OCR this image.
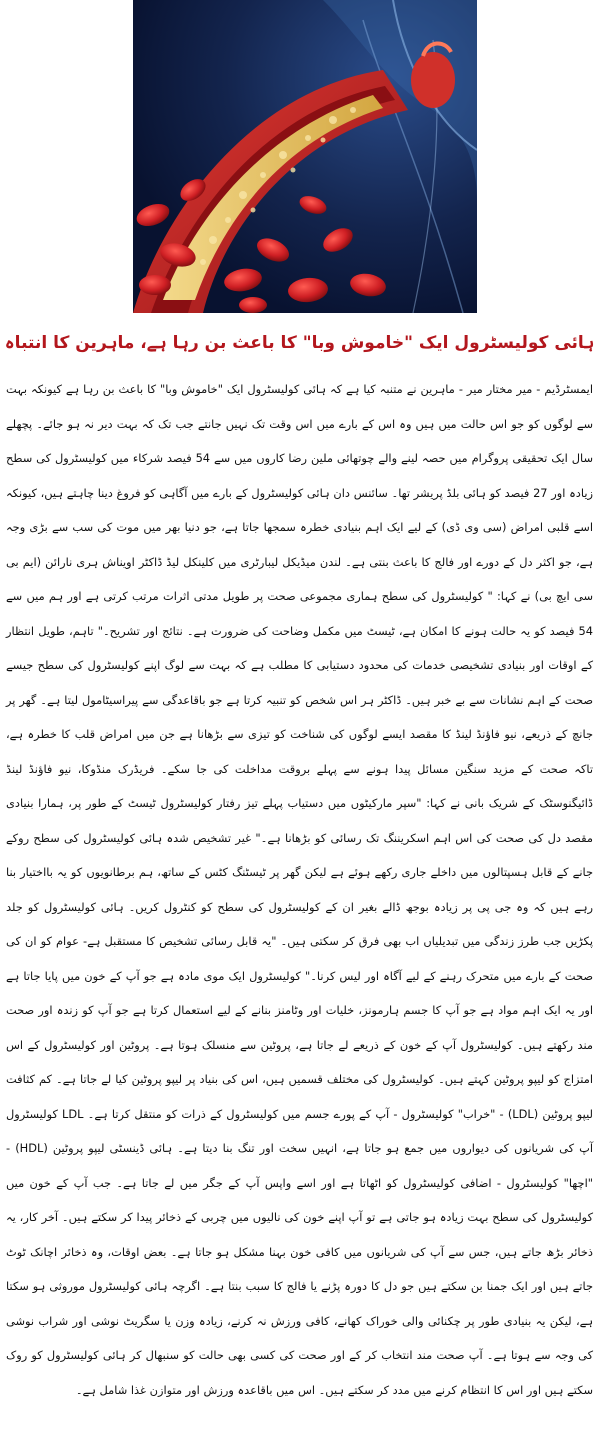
ہائی کولیسٹرول ایک "خاموش وبا" کا باعث بن رہا ہے، ماہرین کا انتباہ

ایمسٹرڈیم - میر مختار میر - ماہرین نے متنبہ کیا ہے کہ ہائی کولیسٹرول ایک "خاموش وبا" کا باعث بن رہا ہے کیونکہ بہت سے لوگوں کو جو اس حالت میں ہیں وہ اس کے بارے میں اس وقت تک نہیں جانتے جب تک کہ بہت دیر نہ ہو جائے۔ پچھلے سال ایک تحقیقی پروگرام میں حصہ لینے والے چوتھائی ملین رضا کاروں میں سے 54 فیصد شرکاء میں کولیسٹرول کی سطح زیادہ اور 27 فیصد کو ہائی بلڈ پریشر تھا۔ سائنس دان ہائی کولیسٹرول کے بارے میں آگاہی کو فروغ دینا چاہتے ہیں، کیونکہ اسے قلبی امراض (سی وی ڈی) کے لیے ایک اہم بنیادی خطرہ سمجھا جاتا ہے، جو دنیا بھر میں موت کی سب سے بڑی وجہ ہے، جو اکثر دل کے دورے اور فالج کا باعث بنتی ہے۔ لندن میڈیکل لیبارٹری میں کلینکل لیڈ ڈاکٹر اویناش ہری نارائن (ایم بی سی ایچ بی) نے کہا: " کولیسٹرول کی سطح ہماری مجموعی صحت پر طویل مدتی اثرات مرتب کرتی ہے اور ہم میں سے 54 فیصد کو یہ حالت ہونے کا امکان ہے، ٹیسٹ میں مکمل وضاحت کی ضرورت ہے۔ نتائج اور تشریح۔" تاہم، طویل انتظار کے اوقات اور بنیادی تشخیصی خدمات کی محدود دستیابی کا مطلب ہے کہ بہت سے لوگ اپنے کولیسٹرول کی سطح جیسے صحت کے اہم نشانات سے بے خبر ہیں۔ ڈاکٹر ہر اس شخص کو تنبیہ کرتا ہے جو باقاعدگی سے پیراسیٹامول لیتا ہے۔ گھر پر جانچ کے ذریعے، نیو فاؤنڈ لینڈ کا مقصد ایسے لوگوں کی شناخت کو تیزی سے بڑھانا ہے جن میں امراض قلب کا خطرہ ہے، تاکہ صحت کے مزید سنگین مسائل پیدا ہونے سے پہلے بروقت مداخلت کی جا سکے۔ فریڈرک منڈوکا، نیو فاؤنڈ لینڈ ڈائیگنوسٹک کے شریک بانی نے کہا: "سپر مارکیٹوں میں دستیاب پہلے تیز رفتار کولیسٹرول ٹیسٹ کے طور پر، ہمارا بنیادی مقصد دل کی صحت کی اس اہم اسکریننگ تک رسائی کو بڑھانا ہے۔" غیر تشخیص شدہ ہائی کولیسٹرول کی سطح روکے جانے کے قابل ہسپتالوں میں داخلے جاری رکھے ہوئے ہے لیکن گھر پر ٹیسٹنگ کٹس کے ساتھ، ہم برطانویوں کو یہ بااختیار بنا رہے ہیں کہ وہ جی پی پر زیادہ بوجھ ڈالے بغیر ان کے کولیسٹرول کی سطح کو کنٹرول کریں۔ ہائی کولیسٹرول کو جلد پکڑیں جب طرز زندگی میں تبدیلیاں اب بھی فرق کر سکتی ہیں۔ "یہ قابل رسائی تشخیص کا مستقبل ہے- عوام کو ان کی صحت کے بارے میں متحرک رہنے کے لیے آگاہ اور لیس کرنا۔" کولیسٹرول ایک موی مادہ ہے جو آپ کے خون میں پایا جاتا ہے اور یہ ایک اہم مواد ہے جو آپ کا جسم ہارمونز، خلیات اور وٹامنز بنانے کے لیے استعمال کرتا ہے جو آپ کو زندہ اور صحت مند رکھتے ہیں۔ کولیسٹرول آپ کے خون کے ذریعے لے جاتا ہے، پروٹین سے منسلک ہوتا ہے۔ پروٹین اور کولیسٹرول کے اس امتزاج کو لیپو پروٹین کہتے ہیں۔ کولیسٹرول کی مختلف قسمیں ہیں، اس کی بنیاد پر لیپو پروٹین کیا لے جاتا ہے۔ کم کثافت لیپو پروٹین (LDL) - "خراب" کولیسٹرول - آپ کے پورے جسم میں کولیسٹرول کے ذرات کو منتقل کرتا ہے۔ LDL کولیسٹرول آپ کی شریانوں کی دیواروں میں جمع ہو جاتا ہے، انہیں سخت اور تنگ بنا دیتا ہے۔ ہائی ڈینسٹی لیپو پروٹین (HDL) - "اچھا" کولیسٹرول - اضافی کولیسٹرول کو اٹھاتا ہے اور اسے واپس آپ کے جگر میں لے جاتا ہے۔ جب آپ کے خون میں کولیسٹرول کی سطح بہت زیادہ ہو جاتی ہے تو آپ اپنے خون کی نالیوں میں چربی کے ذخائر پیدا کر سکتے ہیں۔ آخر کار، یہ ذخائر بڑھ جاتے ہیں، جس سے آپ کی شریانوں میں کافی خون بہنا مشکل ہو جاتا ہے۔ بعض اوقات، وہ ذخائر اچانک ٹوٹ جاتے ہیں اور ایک جمنا بن سکتے ہیں جو دل کا دورہ پڑنے یا فالج کا سبب بنتا ہے۔ اگرچہ ہائی کولیسٹرول موروثی ہو سکتا ہے، لیکن یہ بنیادی طور پر چکنائی والی خوراک کھانے، کافی ورزش نہ کرنے، زیادہ وزن یا سگریٹ نوشی اور شراب نوشی کی وجہ سے ہوتا ہے۔ آپ صحت مند انتخاب کر کے اور صحت کی کسی بھی حالت کو سنبھال کر ہائی کولیسٹرول کو روک سکتے ہیں اور اس کا انتظام کرنے میں مدد کر سکتے ہیں۔ اس میں باقاعدہ ورزش اور متوازن غذا شامل ہے۔
